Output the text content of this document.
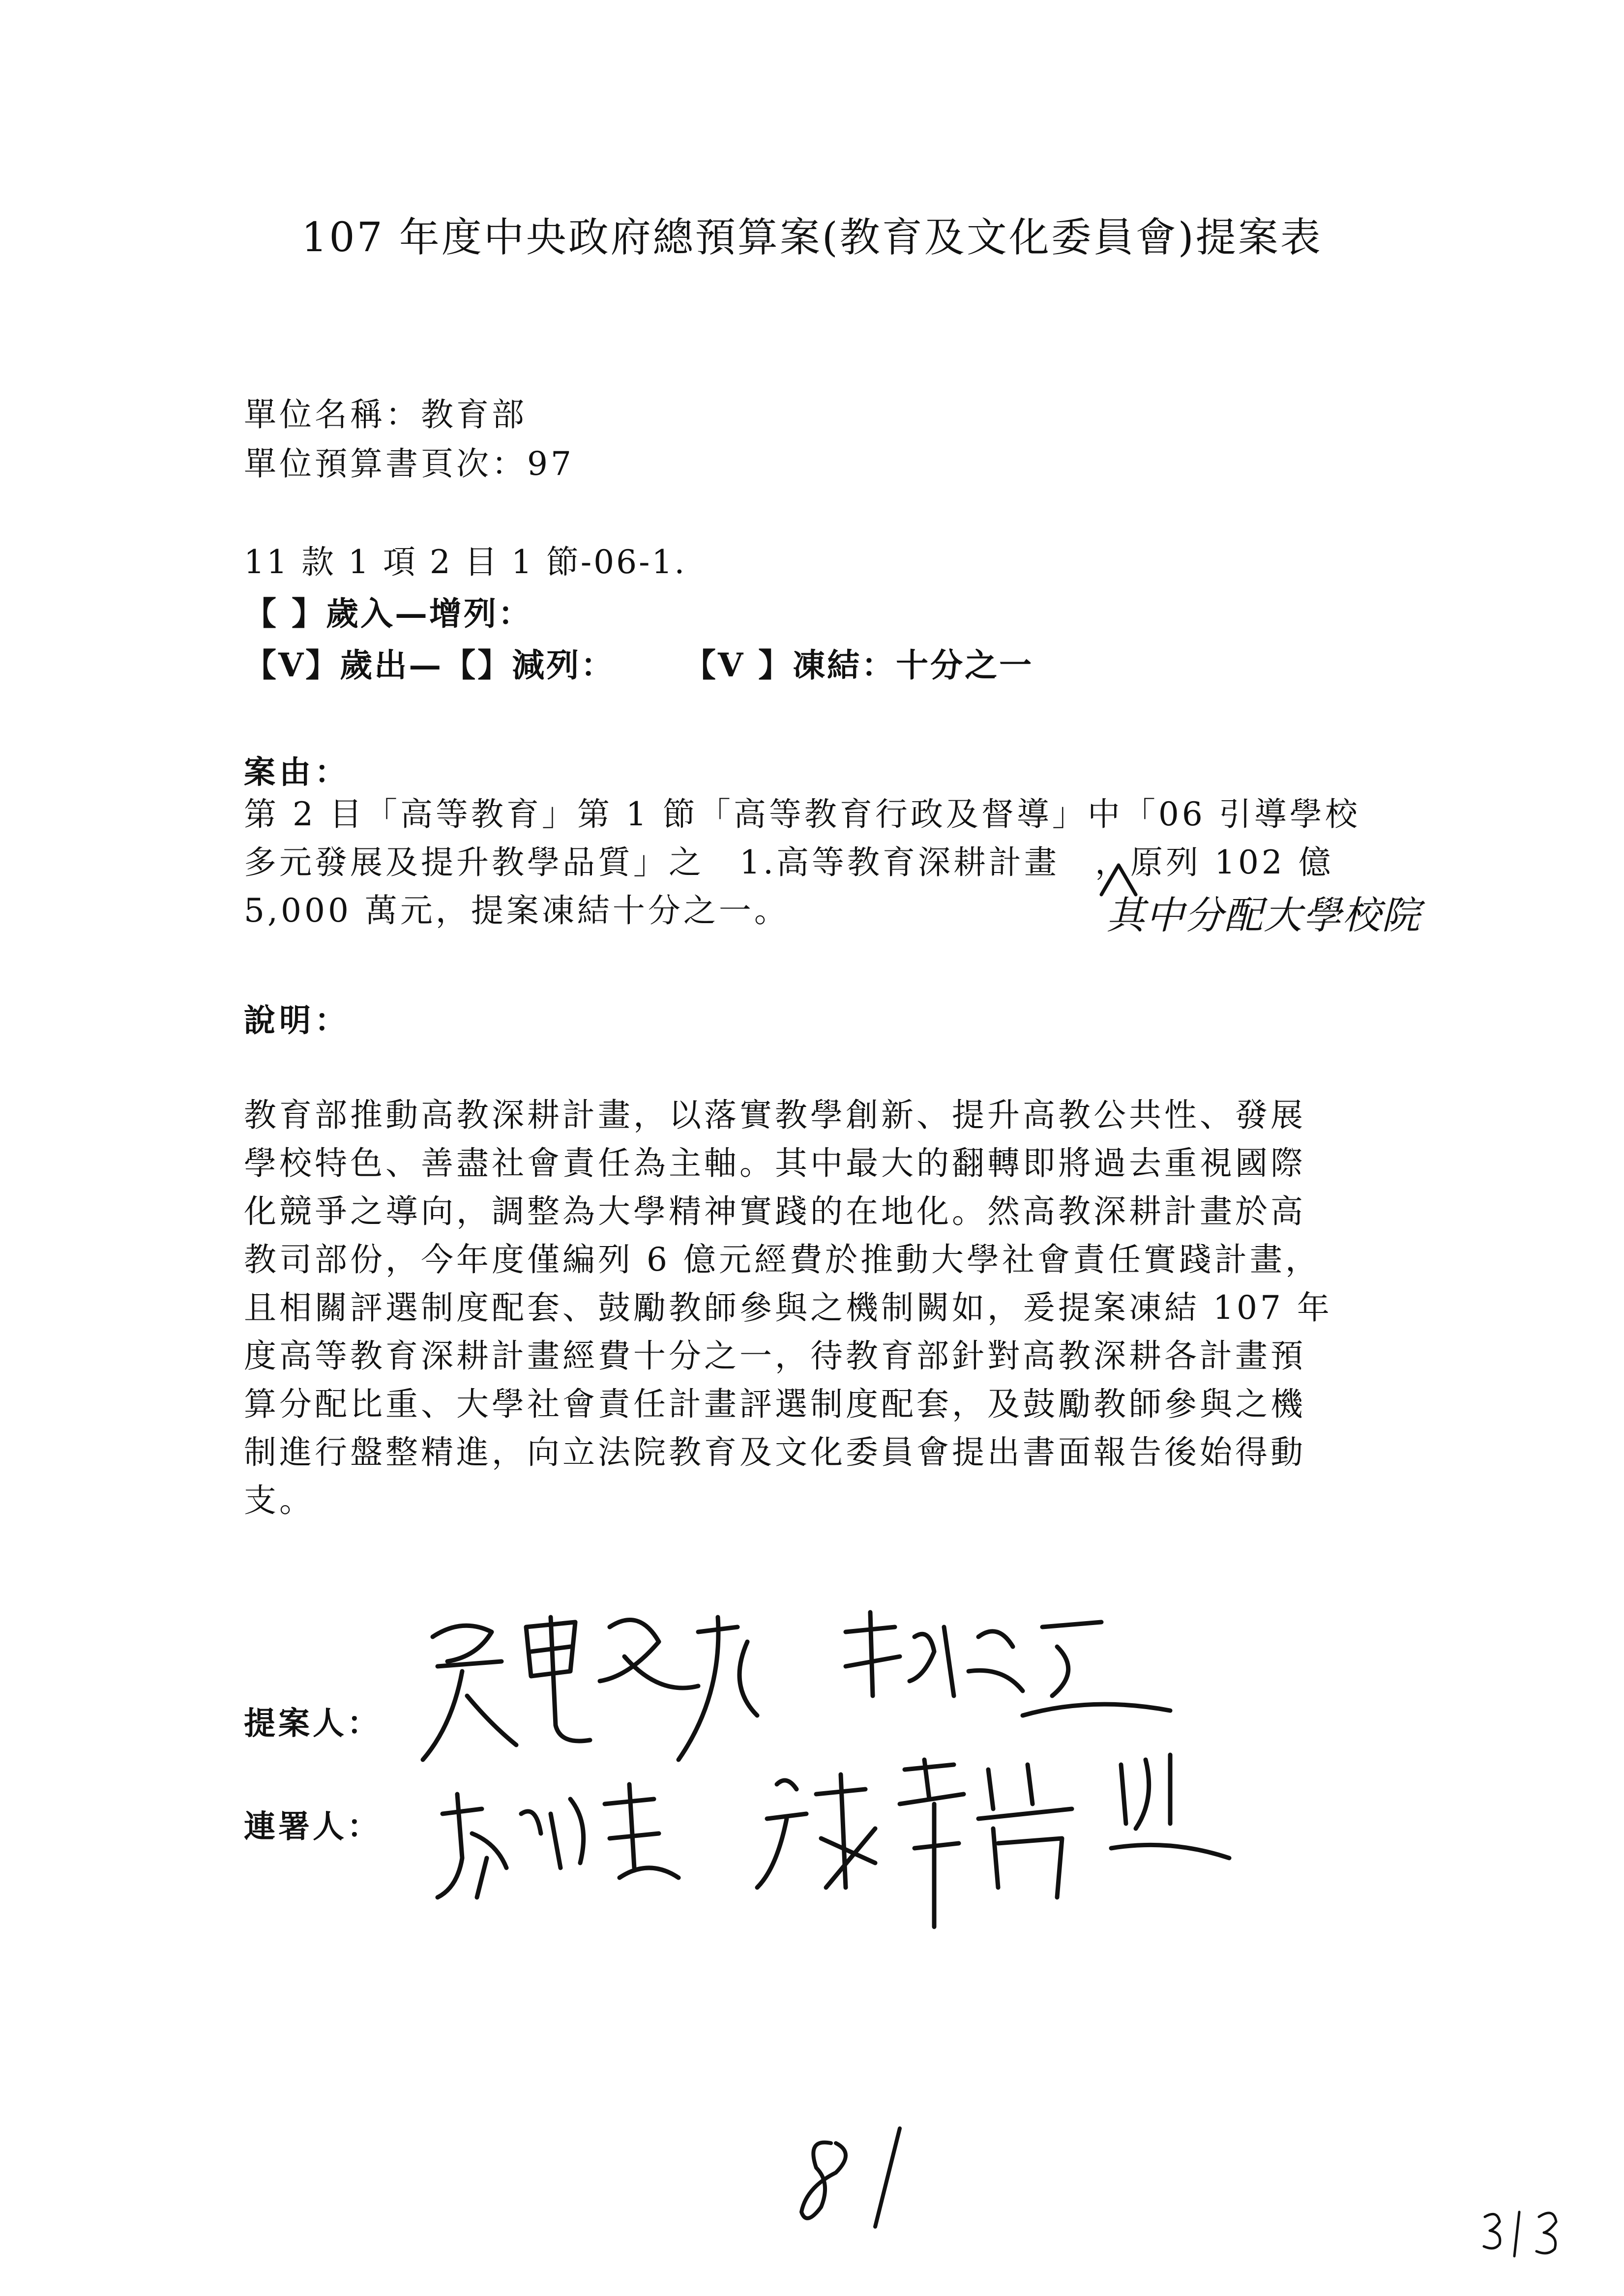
107 年度中央政府總預算案(教育及文化委員會)提案表
單位名稱：教育部
單位預算書頁次：97
11 款 1 項 2 目 1 節-06-1.
【 】歲入—增列：
【V】歲出—【】減列： 【V 】凍結：十分之一
案由：
第 2 目「高等教育」第 1 節「高等教育行政及督導」中「06 引導學校
多元發展及提升教學品質」之　1.高等教育深耕計畫　，原列 102 億
5,000 萬元，提案凍結十分之一。	其中分配大學校院
說明：
教育部推動高教深耕計畫，以落實教學創新、提升高教公共性、發展
學校特色、善盡社會責任為主軸。其中最大的翻轉即將過去重視國際
化競爭之導向，調整為大學精神實踐的在地化。然高教深耕計畫於高
教司部份，今年度僅編列 6 億元經費於推動大學社會責任實踐計畫，
且相關評選制度配套、鼓勵教師參與之機制闕如，爰提案凍結 107 年
度高等教育深耕計畫經費十分之一，待教育部針對高教深耕各計畫預
算分配比重、大學社會責任計畫評選制度配套，及鼓勵教師參與之機
制進行盤整精進，向立法院教育及文化委員會提出書面報告後始得動
支。
提案人：
連署人：
81
313
